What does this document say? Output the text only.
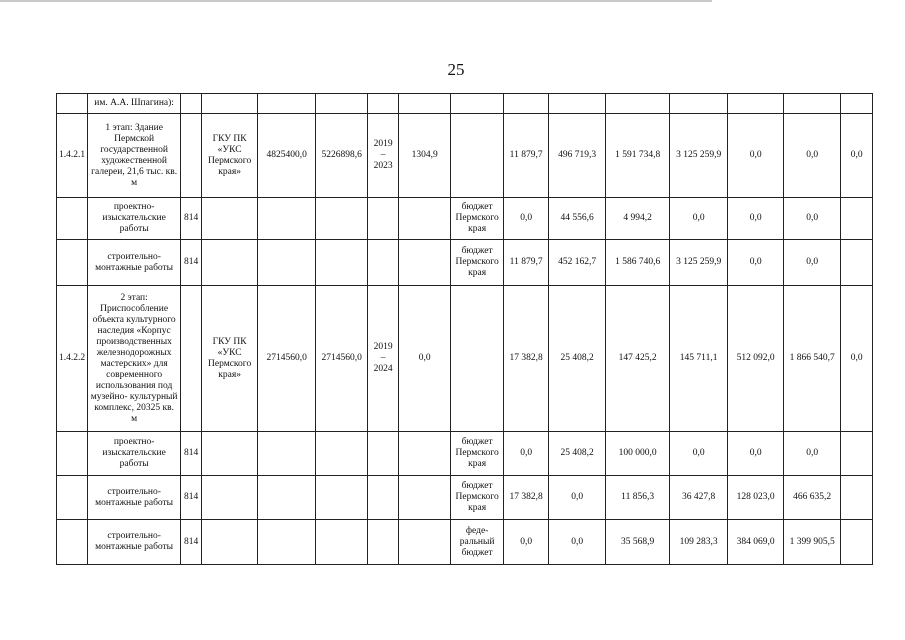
25
	им. А.А. Шпагина):														
1.4.2.1	1 этап: Здание Пермской государственной художественной галереи, 21,6 тыс. кв. м		ГКУ ПК «УКС Пермского края»	4825400,0	5226898,6	2019 – 2023	1304,9		11 879,7	496 719,3	1 591 734,8	3 125 259,9	0,0	0,0	0,0
	проектно- изыскательские работы	814						бюджет Пермского края	0,0	44 556,6	4 994,2	0,0	0,0	0,0	
	строительно- монтажные работы	814						бюджет Пермского края	11 879,7	452 162,7	1 586 740,6	3 125 259,9	0,0	0,0	
1.4.2.2	2 этап: Приспособление объекта культурного наследия «Корпус производственных железнодорожных мастерских» для современного использования под музейно- культурный комплекс, 20325 кв. м		ГКУ ПК «УКС Пермского края»	2714560,0	2714560,0	2019 – 2024	0,0		17 382,8	25 408,2	147 425,2	145 711,1	512 092,0	1 866 540,7	0,0
	проектно- изыскательские работы	814						бюджет Пермского края	0,0	25 408,2	100 000,0	0,0	0,0	0,0	
	строительно- монтажные работы	814						бюджет Пермского края	17 382,8	0,0	11 856,3	36 427,8	128 023,0	466 635,2	
	строительно- монтажные работы	814						феде- ральный бюджет	0,0	0,0	35 568,9	109 283,3	384 069,0	1 399 905,5	
